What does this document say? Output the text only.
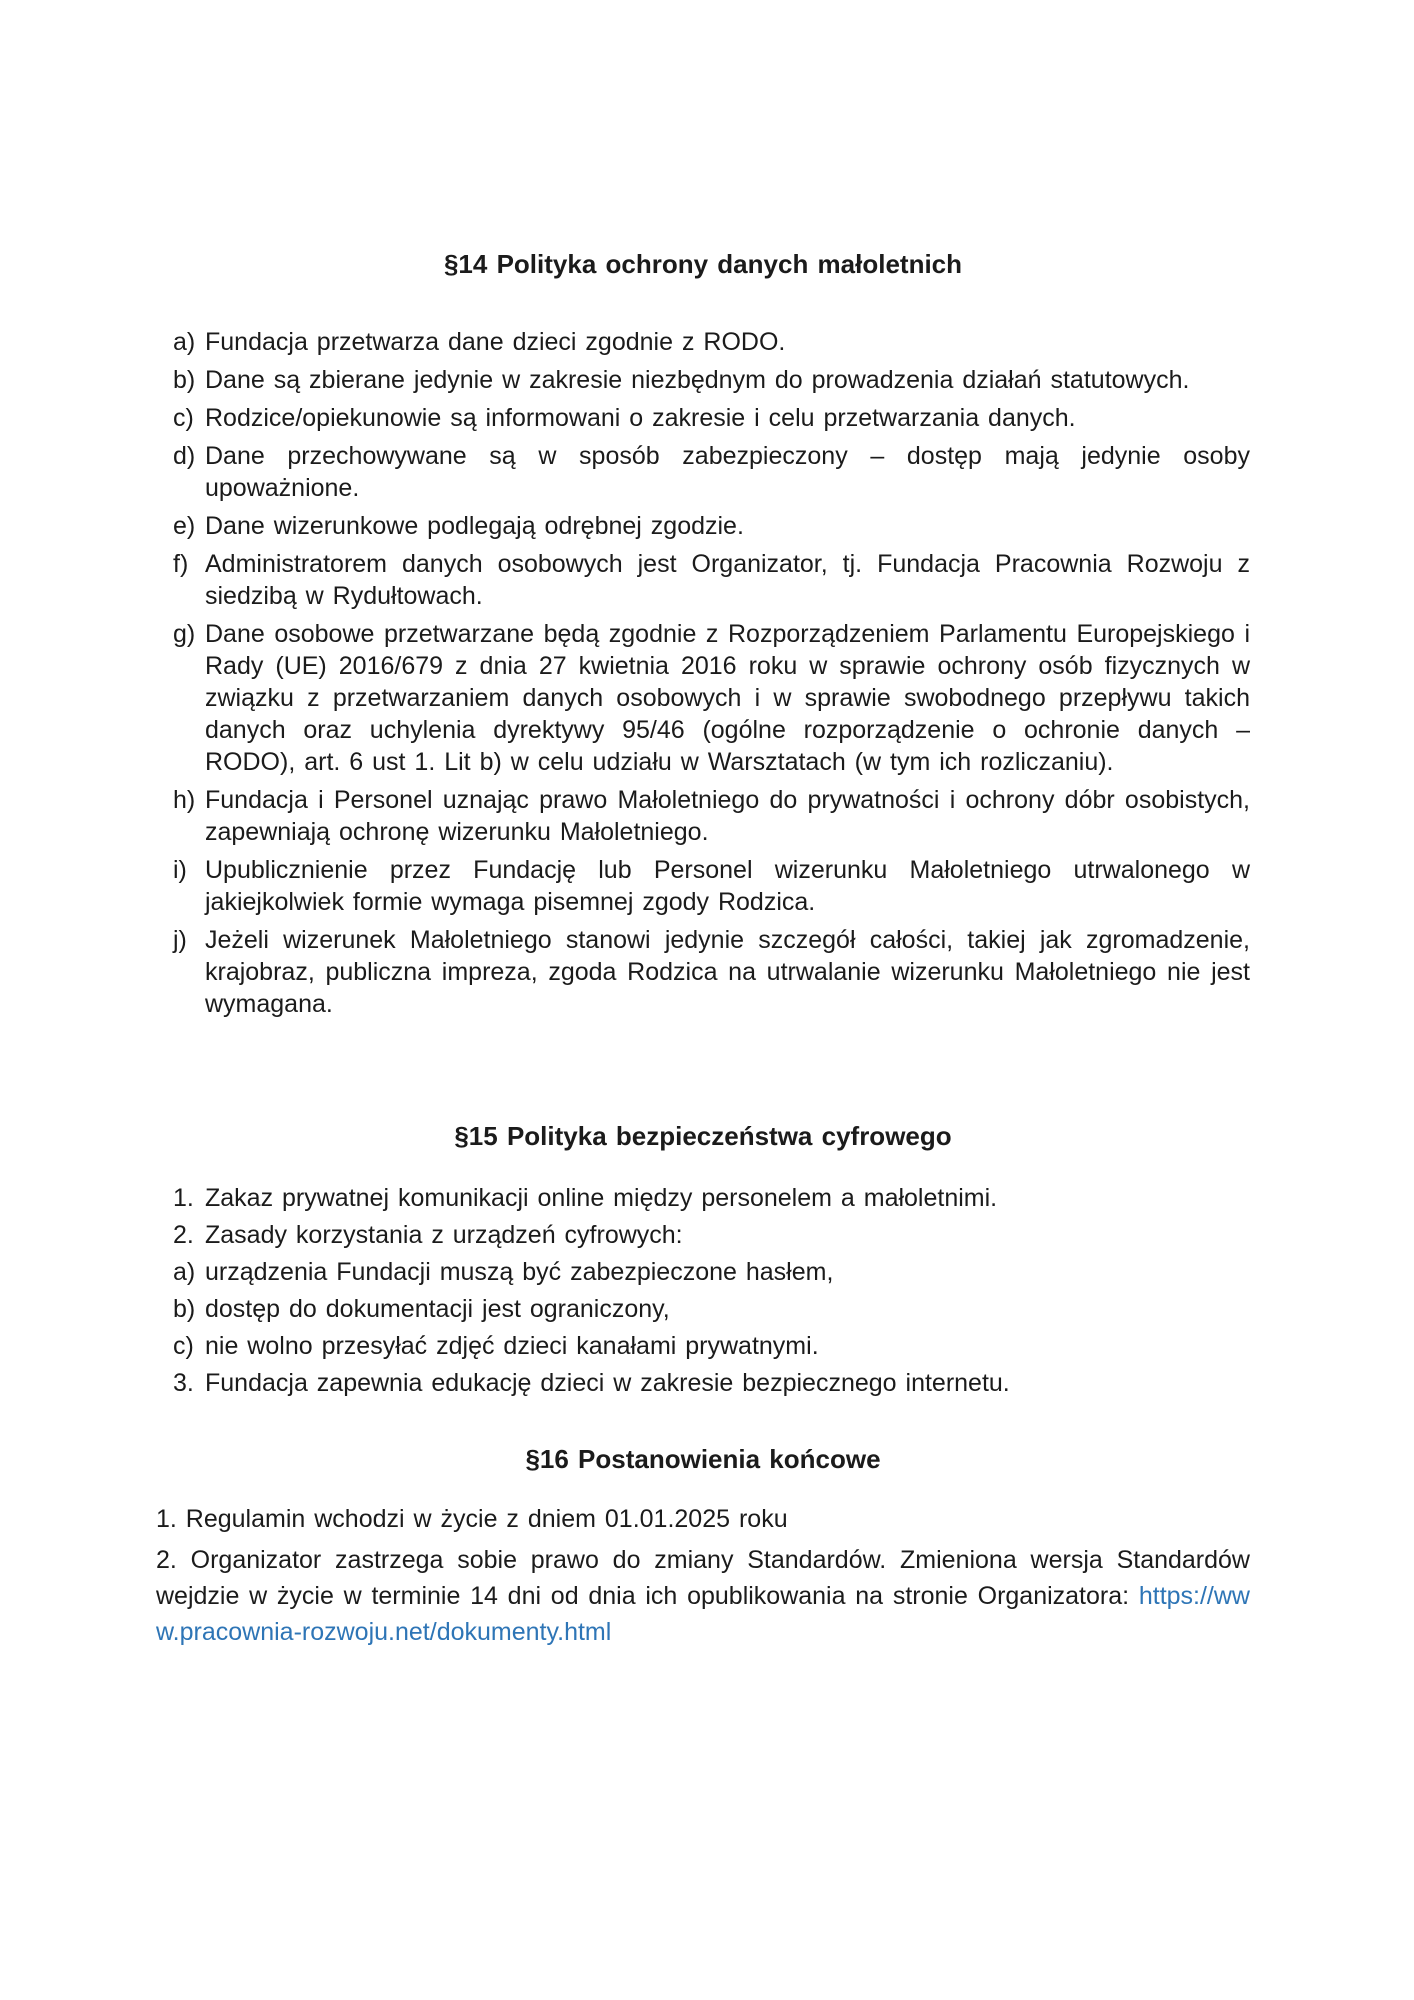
§14 Polityka ochrony danych małoletnich
a) Fundacja przetwarza dane dzieci zgodnie z RODO.
b) Dane są zbierane jedynie w zakresie niezbędnym do prowadzenia działań statutowych.
c) Rodzice/opiekunowie są informowani o zakresie i celu przetwarzania danych.
d) Dane przechowywane są w sposób zabezpieczony – dostęp mają jedynie osoby upoważnione.
e) Dane wizerunkowe podlegają odrębnej zgodzie.
f) Administratorem danych osobowych jest Organizator, tj. Fundacja Pracownia Rozwoju z siedzibą w Rydułtowach.
g) Dane osobowe przetwarzane będą zgodnie z Rozporządzeniem Parlamentu Europejskiego i Rady (UE) 2016/679 z dnia 27 kwietnia 2016 roku w sprawie ochrony osób fizycznych w związku z przetwarzaniem danych osobowych i w sprawie swobodnego przepływu takich danych oraz uchylenia dyrektywy 95/46 (ogólne rozporządzenie o ochronie danych – RODO), art. 6 ust 1. Lit b) w celu udziału w Warsztatach (w tym ich rozliczaniu).
h) Fundacja i Personel uznając prawo Małoletniego do prywatności i ochrony dóbr osobistych, zapewniają ochronę wizerunku Małoletniego.
i) Upublicznienie przez Fundację lub Personel wizerunku Małoletniego utrwalonego w jakiejkolwiek formie wymaga pisemnej zgody Rodzica.
j) Jeżeli wizerunek Małoletniego stanowi jedynie szczegół całości, takiej jak zgromadzenie, krajobraz, publiczna impreza, zgoda Rodzica na utrwalanie wizerunku Małoletniego nie jest wymagana.
§15 Polityka bezpieczeństwa cyfrowego
1. Zakaz prywatnej komunikacji online między personelem a małoletnimi.
2. Zasady korzystania z urządzeń cyfrowych:
a) urządzenia Fundacji muszą być zabezpieczone hasłem,
b) dostęp do dokumentacji jest ograniczony,
c) nie wolno przesyłać zdjęć dzieci kanałami prywatnymi.
3. Fundacja zapewnia edukację dzieci w zakresie bezpiecznego internetu.
§16 Postanowienia końcowe

1. Regulamin wchodzi w życie z dniem 01.01.2025 roku

2. Organizator zastrzega sobie prawo do zmiany Standardów. Zmieniona wersja Standardów wejdzie w życie w terminie 14 dni od dnia ich opublikowania na stronie Organizatora: https://www.pracownia-rozwoju.net/dokumenty.html
